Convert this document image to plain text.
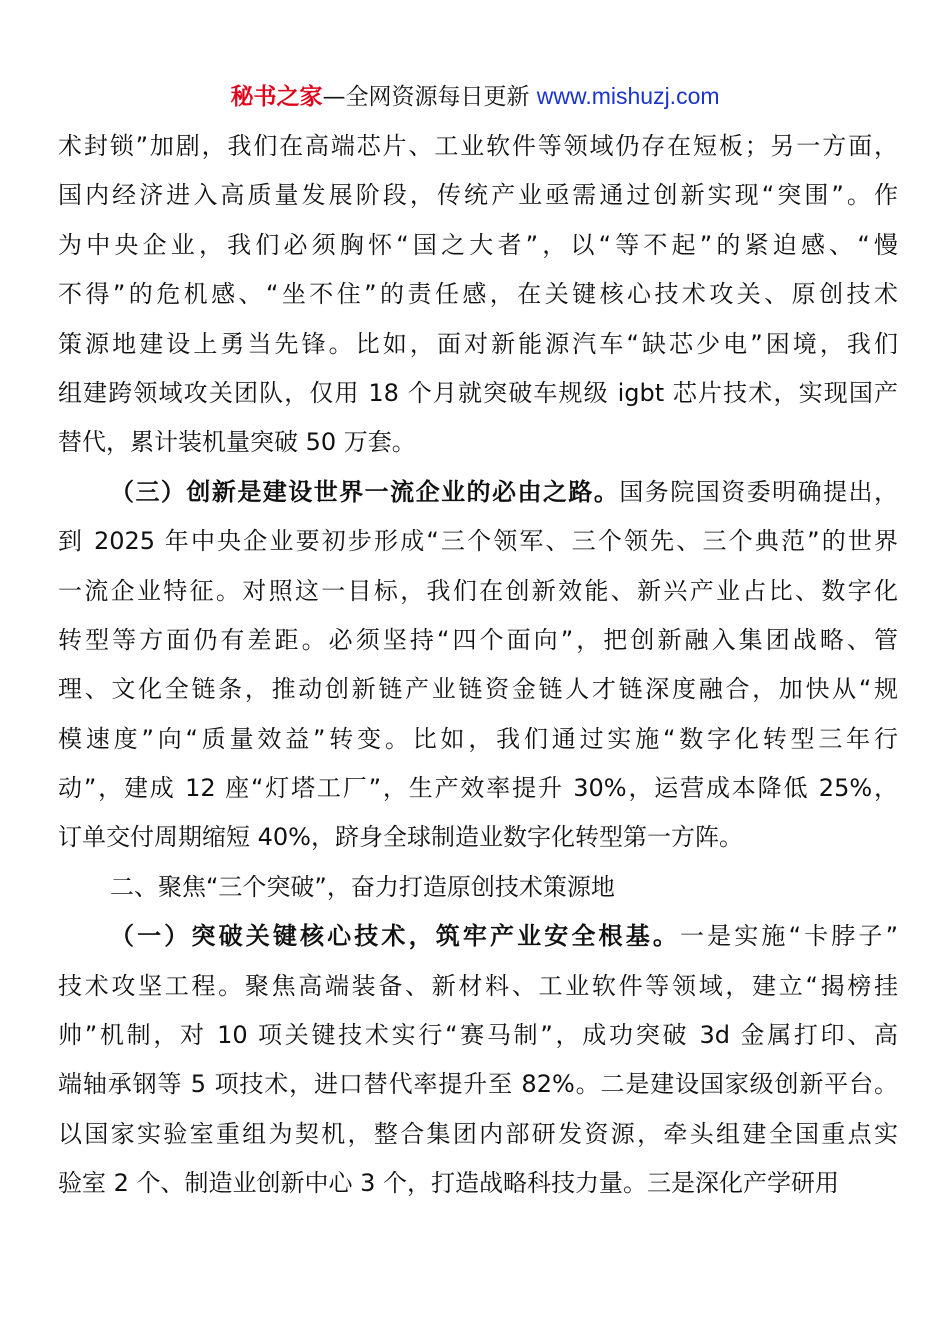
秘书之家—全网资源每日更新 www.mishuzj.com
术封锁”加剧，我们在高端芯片、工业软件等领域仍存在短板；另一方面，
国内经济进入高质量发展阶段，传统产业亟需通过创新实现“突围”。作
为中央企业，我们必须胸怀“国之大者”，以“等不起”的紧迫感、“慢
不得”的危机感、“坐不住”的责任感，在关键核心技术攻关、原创技术
策源地建设上勇当先锋。比如，面对新能源汽车“缺芯少电”困境，我们
组建跨领域攻关团队，仅用 18 个月就突破车规级 igbt 芯片技术，实现国产
替代，累计装机量突破 50 万套。
（三）创新是建设世界一流企业的必由之路。国务院国资委明确提出，
到 2025 年中央企业要初步形成“三个领军、三个领先、三个典范”的世界
一流企业特征。对照这一目标，我们在创新效能、新兴产业占比、数字化
转型等方面仍有差距。必须坚持“四个面向”，把创新融入集团战略、管
理、文化全链条，推动创新链产业链资金链人才链深度融合，加快从“规
模速度”向“质量效益”转变。比如，我们通过实施“数字化转型三年行
动”，建成 12 座“灯塔工厂”，生产效率提升 30%，运营成本降低 25%，
订单交付周期缩短 40%，跻身全球制造业数字化转型第一方阵。
二、聚焦“三个突破”，奋力打造原创技术策源地
（一）突破关键核心技术，筑牢产业安全根基。一是实施“卡脖子”
技术攻坚工程。聚焦高端装备、新材料、工业软件等领域，建立“揭榜挂
帅”机制，对 10 项关键技术实行“赛马制”，成功突破 3d 金属打印、高
端轴承钢等 5 项技术，进口替代率提升至 82%。二是建设国家级创新平台。
以国家实验室重组为契机，整合集团内部研发资源，牵头组建全国重点实
验室 2 个、制造业创新中心 3 个，打造战略科技力量。三是深化产学研用
